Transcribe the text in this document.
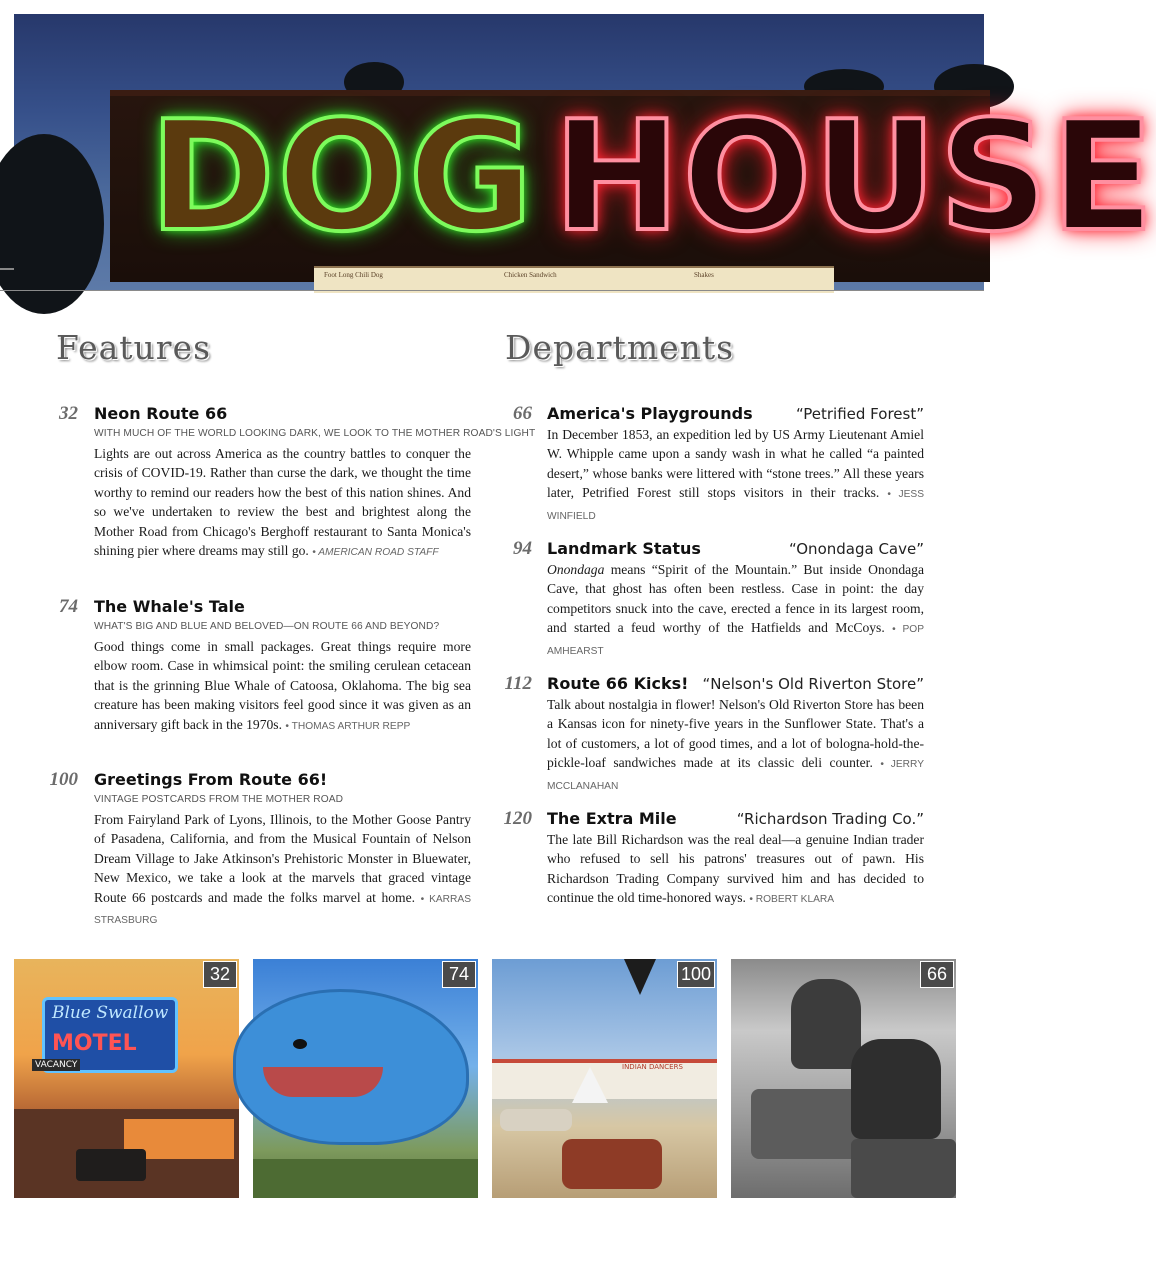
DOG HOUSE
Foot Long Chili Dog	Chicken Sandwich	Shakes
Features	Departments
32 Neon Route 66
WITH MUCH OF THE WORLD LOOKING DARK, WE LOOK TO THE MOTHER ROAD'S LIGHT
Lights are out across America as the country battles to conquer the crisis of COVID-19. Rather than curse the dark, we thought the time worthy to remind our readers how the best of this nation shines. And so we've undertaken to review the best and brightest along the Mother Road from Chicago's Berghoff restaurant to Santa Monica's shining pier where dreams may still go. • AMERICAN ROAD STAFF
74 The Whale's Tale
WHAT'S BIG AND BLUE AND BELOVED—ON ROUTE 66 AND BEYOND?
Good things come in small packages. Great things require more elbow room. Case in whimsical point: the smiling cerulean cetacean that is the grinning Blue Whale of Catoosa, Oklahoma. The big sea creature has been making visitors feel good since it was given as an anniversary gift back in the 1970s. • THOMAS ARTHUR REPP
100 Greetings From Route 66!
VINTAGE POSTCARDS FROM THE MOTHER ROAD
From Fairyland Park of Lyons, Illinois, to the Mother Goose Pantry of Pasadena, California, and from the Musical Fountain of Nelson Dream Village to Jake Atkinson's Prehistoric Monster in Bluewater, New Mexico, we take a look at the marvels that graced vintage Route 66 postcards and made the folks marvel at home. • KARRAS STRASBURG
66 America's Playgrounds	“Petrified Forest”
In December 1853, an expedition led by US Army Lieutenant Amiel W. Whipple came upon a sandy wash in what he called “a painted desert,” whose banks were littered with “stone trees.” All these years later, Petrified Forest still stops visitors in their tracks. • JESS WINFIELD
94 Landmark Status	“Onondaga Cave”
Onondaga means “Spirit of the Mountain.” But inside Onondaga Cave, that ghost has often been restless. Case in point: the day competitors snuck into the cave, erected a fence in its largest room, and started a feud worthy of the Hatfields and McCoys. • POP AMHEARST
112 Route 66 Kicks! “Nelson's Old Riverton Store”
Talk about nostalgia in flower! Nelson's Old Riverton Store has been a Kansas icon for ninety-five years in the Sunflower State. That's a lot of customers, a lot of good times, and a lot of bologna-hold-the-pickle-loaf sandwiches made at its classic deli counter. • JERRY MCCLANAHAN
120 The Extra Mile	“Richardson Trading Co.”
The late Bill Richardson was the real deal—a genuine Indian trader who refused to sell his patrons' treasures out of pawn. His Richardson Trading Company survived him and has decided to continue the old time-honored ways. • ROBERT KLARA
Blue Swallow
MOTEL
VACANCY
32	74
INDIAN DANCERS
100	66
